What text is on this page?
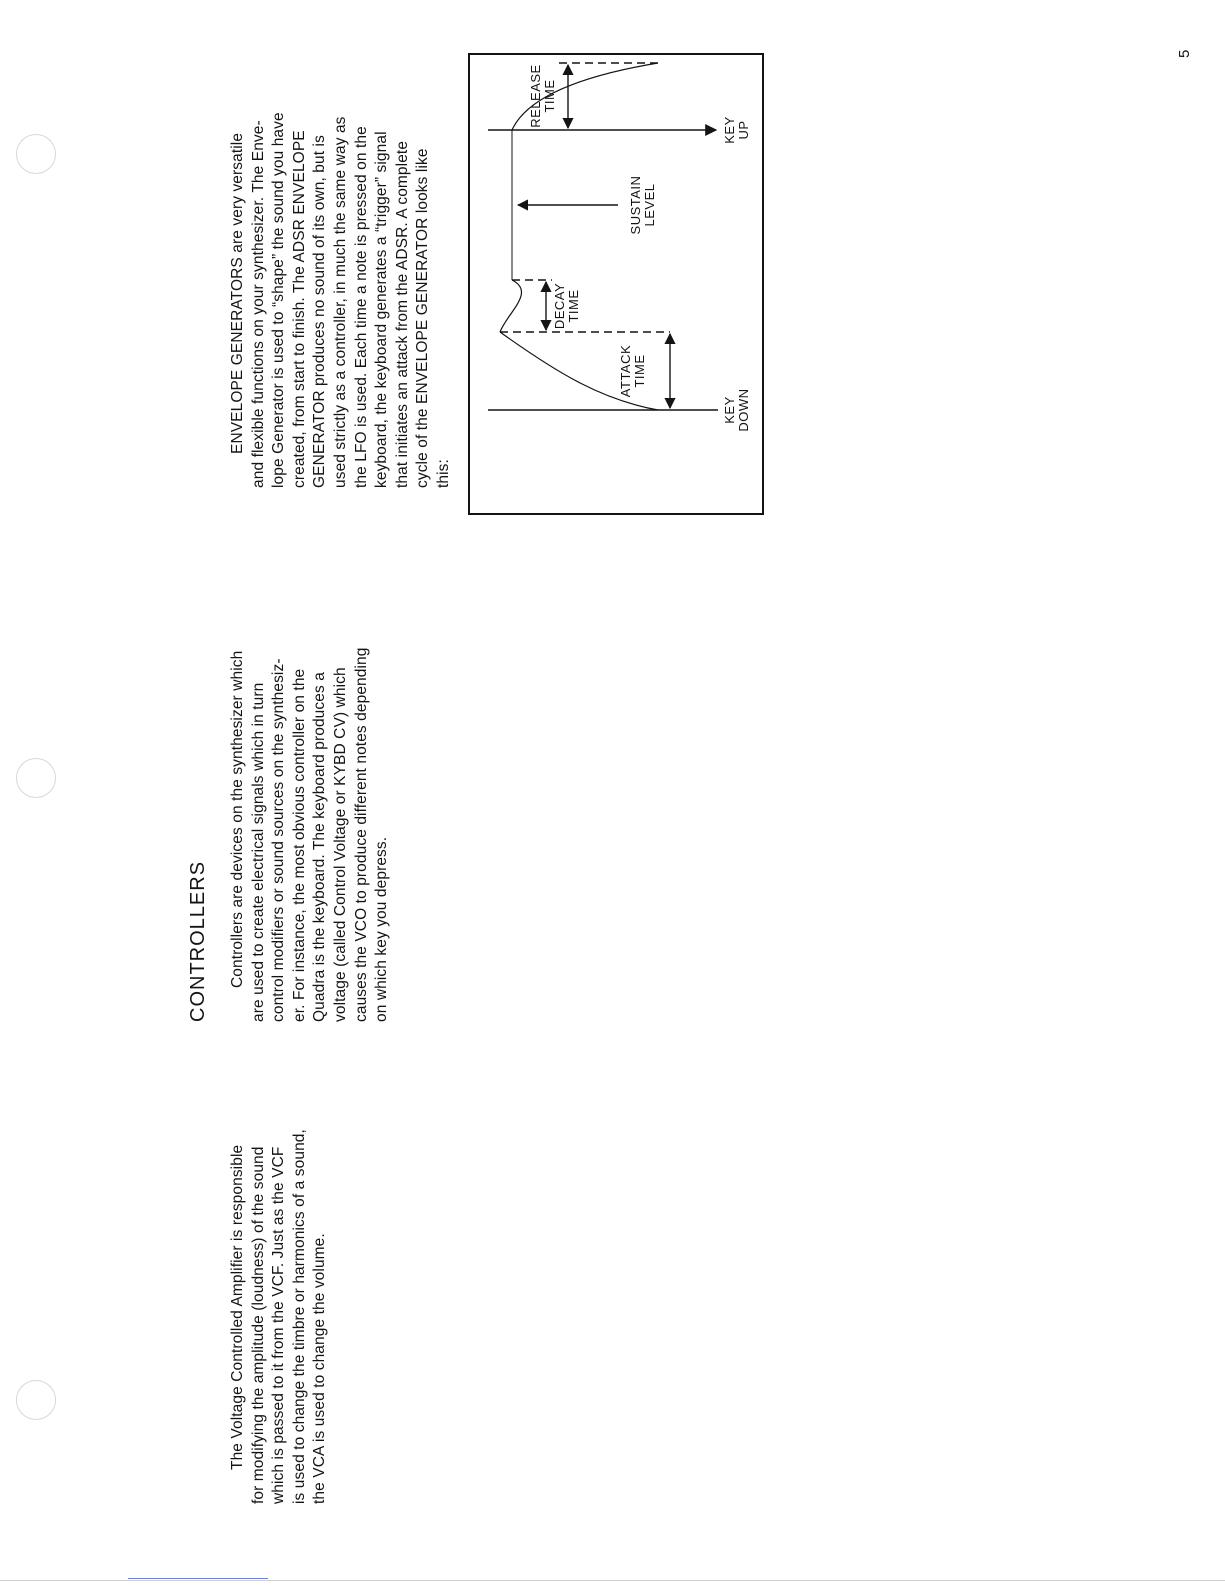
5
The Voltage Controlled Amplifier is responsible for modifying the amplitude (loudness) of the sound which is passed to it from the VCF. Just as the VCF is used to change the timbre or harmonics of a sound, the VCA is used to change the volume.
CONTROLLERS Controllers are devices on the synthesizer which are used to create electrical signals which in turn control modifiers or sound sources on the synthesiz- er. For instance, the most obvious controller on the Quadra is the keyboard. The keyboard produces a voltage (called Control Voltage or KYBD CV) which causes the VCO to produce different notes depending on which key you depress.
ENVELOPE GENERATORS are very versatile and flexible functions on your synthesizer. The Enve- lope Generator is used to “shape” the sound you have created, from start to finish. The ADSR ENVELOPE GENERATOR produces no sound of its own, but is used strictly as a controller, in much the same way as the LFO is used. Each time a note is pressed on the keyboard, the keyboard generates a “trigger” signal that initiates an attack from the ADSR. A complete cycle of the ENVELOPE GENERATOR looks like this:
KEYDOWN
KEYUP
ATTACKTIME
DECAYTIME
SUSTAINLEVEL
RELEASETIME
